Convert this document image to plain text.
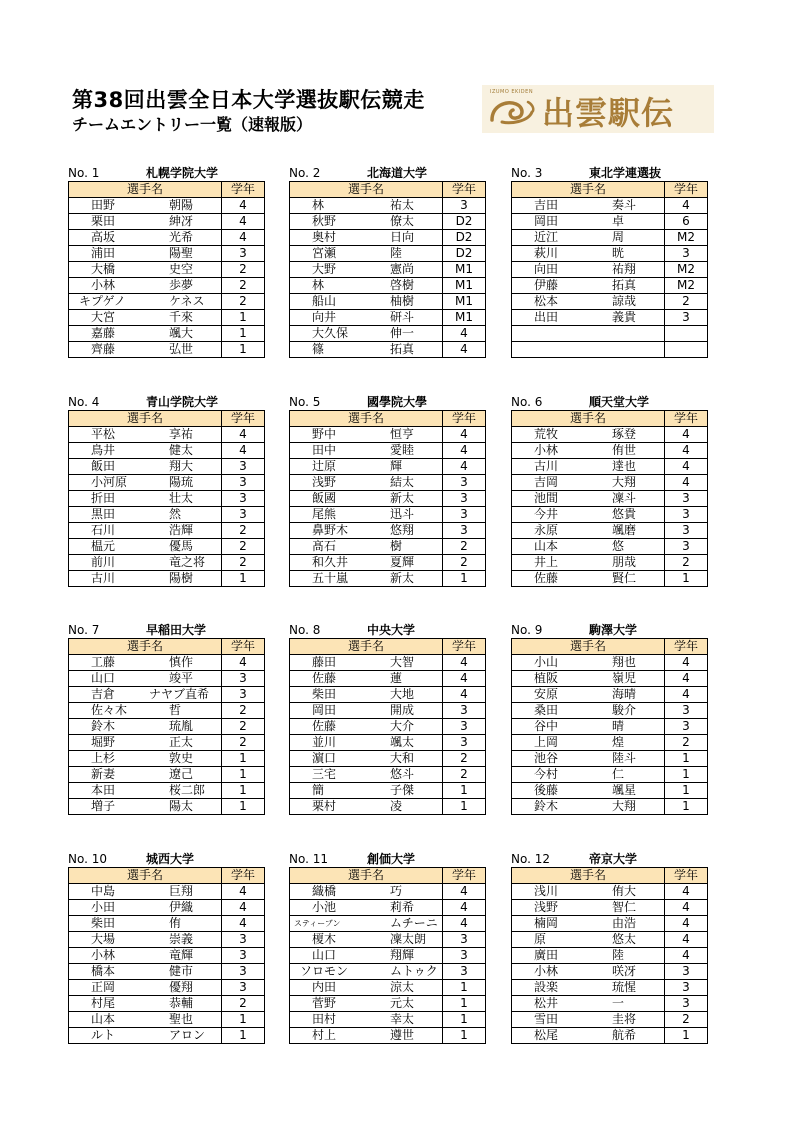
第38回出雲全日本大学選抜駅伝競走
チームエントリー一覧（速報版）
IZUMO EKIDEN
出雲駅伝
No. 1	札幌学院大学
選手名	学年

田野 朝陽	4

栗田 紳冴	4

高坂 光希	4

浦田 陽聖	3

大橋 史空	2

小林 歩夢	2

キプゲノ ケネス	2

大宮 千來	1

嘉藤 颯大	1

齊藤 弘世	1
No. 2	北海道大学
選手名	学年

林 祐太	3

秋野 僚太	D2

奥村 日向	D2

宮瀬 陸	D2

大野 憲尚	M1

林 啓樹	M1

船山 柚樹	M1

向井 研斗	M1

大久保 伸一	4

篠 拓真	4
No. 3	東北学連選抜
選手名	学年

吉田 奏斗	4

岡田 卓	6

近江 周	M2

萩川 晄	3

向田 祐翔	M2

伊藤 拓真	M2

松本 諒哉	2

出田 義貴	3

No. 4	青山学院大学
選手名	学年

平松 享祐	4

鳥井 健太	4

飯田 翔大	3

小河原 陽琉	3

折田 壮太	3

黒田 然	3

石川 浩輝	2

榅元 優馬	2

前川 竜之将	2

古川 陽樹	1
No. 5	國學院大學
選手名	学年

野中 恒亨	4

田中 愛睦	4

辻原 輝	4

浅野 結太	3

飯國 新太	3

尾熊 迅斗	3

鼻野木 悠翔	3

髙石 樹	2

和久井 夏輝	2

五十嵐 新太	1
No. 6	順天堂大学
選手名	学年

荒牧 琢登	4

小林 侑世	4

古川 達也	4

吉岡 大翔	4

池間 凜斗	3

今井 悠貴	3

永原 颯磨	3

山本 悠	3

井上 朋哉	2

佐藤 賢仁	1
No. 7	早稲田大学
選手名	学年

工藤 慎作	4

山口 竣平	3

吉倉 ナヤブ直希	3

佐々木 哲	2

鈴木 琉胤	2

堀野 正太	2

上杉 敦史	1

新妻 遼己	1

本田 桜二郎	1

増子 陽太	1
No. 8	中央大学
選手名	学年

藤田 大智	4

佐藤 蓮	4

柴田 大地	4

岡田 開成	3

佐藤 大介	3

並川 颯太	3

濵口 大和	2

三宅 悠斗	2

簡 子傑	1

栗村 凌	1
No. 9	駒澤大学
選手名	学年

小山 翔也	4

植阪 嶺児	4

安原 海晴	4

桑田 駿介	3

谷中 晴	3

上岡 煌	2

池谷 陸斗	1

今村 仁	1

後藤 颯星	1

鈴木 大翔	1
No. 10	城西大学
選手名	学年

中島 巨翔	4

小田 伊織	4

柴田 侑	4

大場 崇義	3

小林 竜輝	3

橋本 健市	3

正岡 優翔	3

村尾 恭輔	2

山本 聖也	1

ルト アロン	1
No. 11	創価大学
選手名	学年

織橋 巧	4

小池 莉希	4

スティーブン ムチーニ	4

榎木 凜太朗	3

山口 翔輝	3

ソロモン ムトゥク	3

内田 涼太	1

菅野 元太	1

田村 幸太	1

村上 遵世	1
No. 12	帝京大学
選手名	学年

浅川 侑大	4

浅野 智仁	4

楠岡 由浩	4

原 悠太	4

廣田 陸	4

小林 咲冴	3

設楽 琉惺	3

松井 一	3

雪田 圭将	2

松尾 航希	1
